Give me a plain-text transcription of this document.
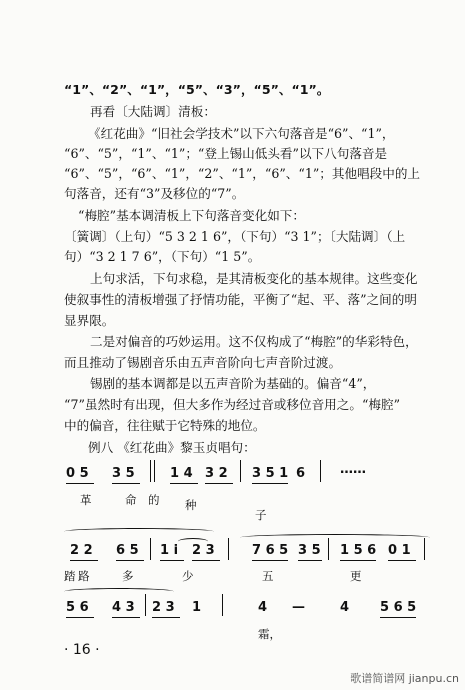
“1”、“2”、“1”，“5”、“3”，“5”、“1”。
再看〔大陆调〕清板：
《红花曲》“旧社会学技术”以下六句落音是“6”、“1”，
“6”、“5”，“1”、“1”；“登上锡山低头看”以下八句落音是
“6”、“5”，“6”、“1”，“2”、“1”，“6”、“1”；其他唱段中的上
句落音，还有“3”及移位的“7”。
“梅腔”基本调清板上下句落音变化如下：
〔簧调〕（上句）“5 3 2 1 6”，（下句）“3 1”；〔大陆调〕（上
句）“3 2 1 7 6”，（下句）“1 5”。
上句求活，下句求稳，是其清板变化的基本规律。这些变化
使叙事性的清板增强了抒情功能，平衡了“起、平、落”之间的明
显界限。
二是对偏音的巧妙运用。这不仅构成了“梅腔”的华彩特色，
而且推动了锡剧音乐由五声音阶向七声音阶过渡。
锡剧的基本调都是以五声音阶为基础的。偏音“4”，
“7”虽然时有出现，但大多作为经过音或移位音用之。“梅腔”
中的偏音，往往赋于它特殊的地位。
例八 《红花曲》黎玉贞唱句：
0 5 3 5	1 4 3 2 3 5 1 6	……
革	命 的 种
子
2 2 6 5 1 i 2 3	7 6 5 3 5 1 5 6 0 1
踏 路	多	少	五	更
5 6 4 3 2 3 1	4 —	4 5 6 5
霜，
· 16 ·
歌谱简谱网 jianpu.cn
